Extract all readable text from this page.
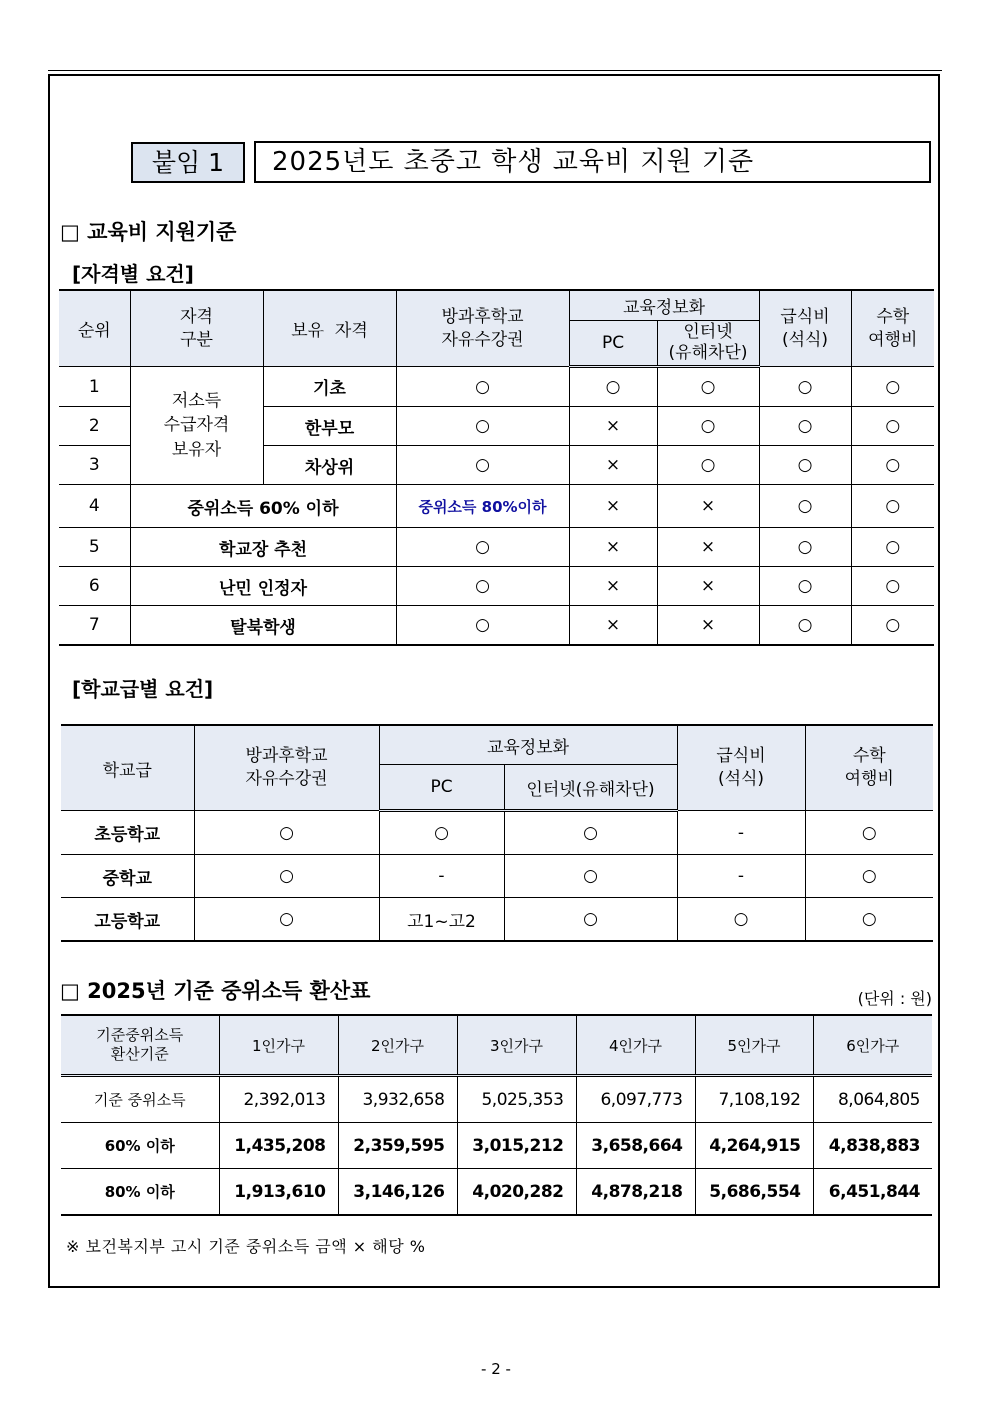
붙임 1	2025년도 초중고 학생 교육비 지원 기준
□ 교육비 지원기준
[자격별 요건]
순위	자격
구분	보유  자격	방과후학교
자유수강권	교육정보화		급식비
(석식)	수학
여행비
				PC	인터넷
(유해차단)		
1	저소득
수급자격
보유자	기초	○	○	○	○	○
2		한부모	○	×	○	○	○
3		차상위	○	×	○	○	○
4	중위소득 60% 이하		중위소득 80%이하	×	×	○	○
5	학교장 추천		○	×	×	○	○
6	난민 인정자		○	×	×	○	○
7	탈북학생		○	×	×	○	○
[학교급별 요건]
학교급	방과후학교
자유수강권	교육정보화		급식비
(석식)	수학
여행비
		PC	인터넷(유해차단)		
초등학교	○	○	○	-	○
중학교	○	-	○	-	○
고등학교	○	고1~고2	○	○	○
□ 2025년 기준 중위소득 환산표	(단위 : 원)
기준중위소득
환산기준	1인가구	2인가구	3인가구	4인가구	5인가구	6인가구
기준 중위소득	2,392,013	3,932,658	5,025,353	6,097,773	7,108,192	8,064,805
60% 이하	1,435,208	2,359,595	3,015,212	3,658,664	4,264,915	4,838,883
80% 이하	1,913,610	3,146,126	4,020,282	4,878,218	5,686,554	6,451,844
※ 보건복지부 고시 기준 중위소득 금액 × 해당 %
- 2 -
